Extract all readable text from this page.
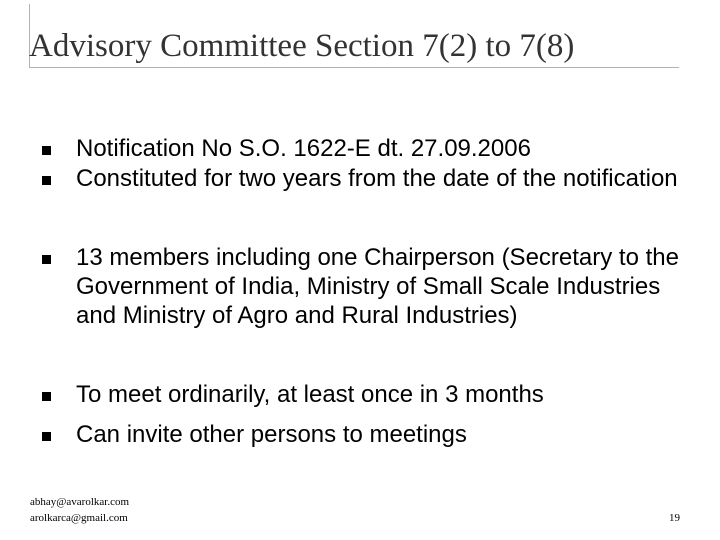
Advisory Committee Section 7(2) to 7(8)
Notification No S.O. 1622-E dt. 27.09.2006
Constituted for two years from the date of the notification
13 members including one Chairperson (Secretary to the Government of India, Ministry of Small Scale Industries and Ministry of Agro and Rural Industries)
To meet ordinarily, at least once in 3 months
Can invite other persons to meetings
abhay@avarolkar.com
arolkarca@gmail.com	19
